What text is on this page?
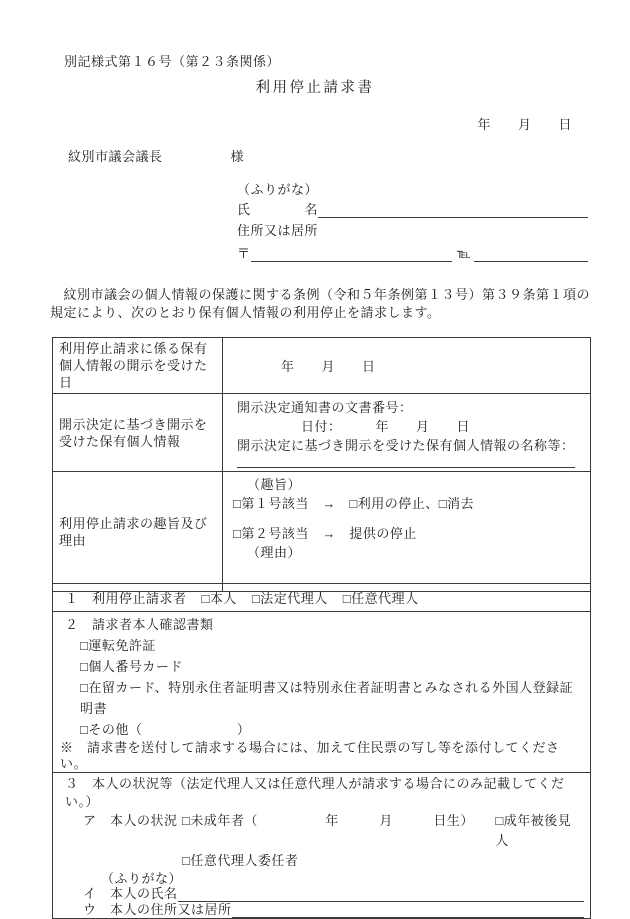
別記様式第１６号（第２３条関係）
利用停止請求書
年　　月　　日
紋別市議会議長	様
（ふりがな）
氏　　　　名
住所又は居所
〒	℡
　紋別市議会の個人情報の保護に関する条例（令和５年条例第１３号）第３９条第１項の規定により、次のとおり保有個人情報の利用停止を請求します。
利用停止請求に係る保有個人情報の開示を受けた日	年　　月　　日
開示決定に基づき開示を受けた保有個人情報	開示決定通知書の文書番号：
日付：　　　年　　月　　日
開示決定に基づき開示を受けた保有個人情報の名称等：

利用停止請求の趣旨及び理由	（趣旨）
□第１号該当　→　□利用の停止、□消去
□第２号該当　→　提供の停止
（理由）
１　利用停止請求者 □本人 □法定代理人 □任意代理人

２　請求者本人確認書類
□運転免許証
□個人番号カード
□在留カード、特別永住者証明書又は特別永住者証明書とみなされる外国人登録証明書
□その他（　　　　　　　）
※　請求書を送付して請求する場合には、加えて住民票の写し等を添付してください。

３　本人の状況等（法定代理人又は任意代理人が請求する場合にのみ記載してくだい。）
ア　本人の状況 □未成年者（　　　　　年　　　月　　　日生） □成年被後見人
□任意代理人委任者
（ふりがな）
イ　本人の氏名
ウ　本人の住所又は居所
